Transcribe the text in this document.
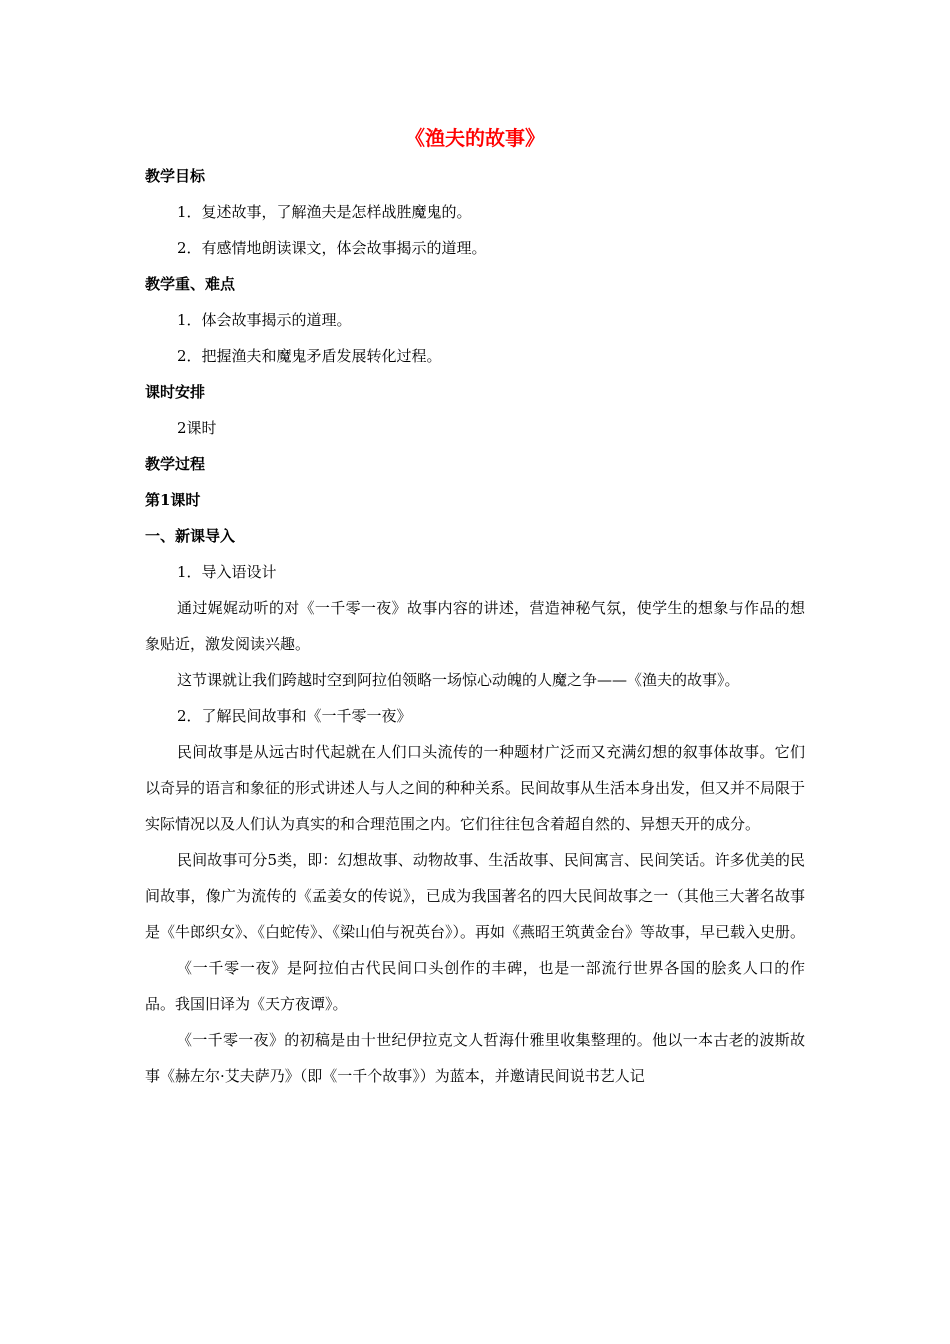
《渔夫的故事》
教学目标
1．复述故事，了解渔夫是怎样战胜魔鬼的。
2．有感情地朗读课文，体会故事揭示的道理。
教学重、难点
1．体会故事揭示的道理。
2．把握渔夫和魔鬼矛盾发展转化过程。
课时安排
2课时
教学过程
第1课时
一、新课导入
1．导入语设计

通过娓娓动听的对《一千零一夜》故事内容的讲述，营造神秘气氛，使学生的想象与作品的想象贴近，激发阅读兴趣。

这节课就让我们跨越时空到阿拉伯领略一场惊心动魄的人魔之争——《渔夫的故事》。

2．了解民间故事和《一千零一夜》

民间故事是从远古时代起就在人们口头流传的一种题材广泛而又充满幻想的叙事体故事。它们以奇异的语言和象征的形式讲述人与人之间的种种关系。民间故事从生活本身出发，但又并不局限于实际情况以及人们认为真实的和合理范围之内。它们往往包含着超自然的、异想天开的成分。

民间故事可分5类，即：幻想故事、动物故事、生活故事、民间寓言、民间笑话。许多优美的民间故事，像广为流传的《孟姜女的传说》，已成为我国著名的四大民间故事之一（其他三大著名故事是《牛郎织女》、《白蛇传》、《梁山伯与祝英台》）。再如《燕昭王筑黄金台》等故事，早已载入史册。

《一千零一夜》是阿拉伯古代民间口头创作的丰碑，也是一部流行世界各国的脍炙人口的作品。我国旧译为《天方夜谭》。

《一千零一夜》的初稿是由十世纪伊拉克文人哲海什雅里收集整理的。他以一本古老的波斯故事《赫左尔·艾夫萨乃》（即《一千个故事》）为蓝本，并邀请民间说书艺人记
